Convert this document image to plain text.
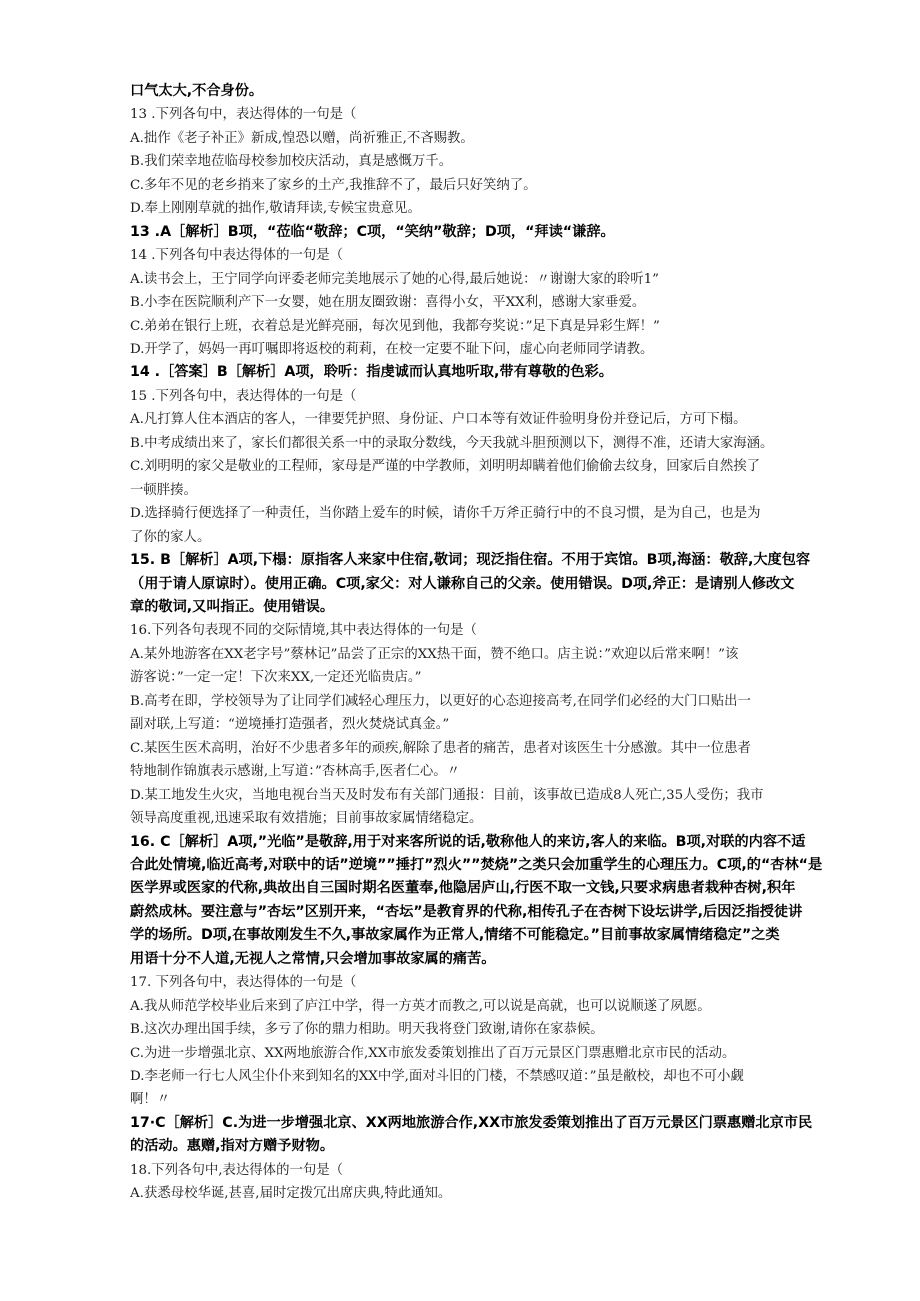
口气太大,不合身份。
13 .下列各句中，表达得体的一句是（
A.拙作《老子补正》新成,惶恐以赠，尚祈雅正,不吝赐教。
B.我们荣幸地莅临母校参加校庆活动，真是感慨万千。
C.多年不见的老乡捎来了家乡的土产,我推辞不了，最后只好笑纳了。
D.奉上刚刚草就的拙作,敬请拜读,专候宝贵意见。
13 .A［解析］B项，“莅临“敬辞；C项，“笑纳”敬辞；D项，“拜读“谦辞。
14 .下列各句中表达得体的一句是（
A.读书会上，王宁同学向评委老师完美地展示了她的心得,最后她说：〃谢谢大家的聆听1”
B.小李在医院顺利产下一女婴，她在朋友圈致谢：喜得小女，平XX利，感谢大家垂爱。
C.弟弟在银行上班，衣着总是光鲜亮丽，每次见到他，我都夸奖说：”足下真是异彩生辉！”
D.开学了，妈妈一再叮嘱即将返校的莉莉，在校一定要不耻下问，虚心向老师同学请教。
14 .［答案］B［解析］A项，聆听：指虔诚而认真地听取,带有尊敬的色彩。
15 .下列各句中，表达得体的一句是（
A.凡打算人住本酒店的客人，一律要凭护照、身份证、户口本等有效证件验明身份并登记后，方可下榻。
B.中考成绩出来了，家长们都很关系一中的录取分数线，今天我就斗胆预测以下，测得不准，还请大家海涵。
C.刘明明的家父是敬业的工程师，家母是严谨的中学教师，刘明明却瞒着他们偷偷去纹身，回家后自然挨了
一顿胖揍。
D.选择骑行便选择了一种责任，当你踏上爱车的时候，请你千万斧正骑行中的不良习惯，是为自己，也是为
了你的家人。
15. B［解析］A项,下榻：原指客人来家中住宿,敬词；现泛指住宿。不用于宾馆。B项,海涵：敬辞,大度包容
（用于请人原谅时）。使用正确。C项,家父：对人谦称自己的父亲。使用错误。D项,斧正：是请别人修改文
章的敬词,又叫指正。使用错误。
16.下列各句表现不同的交际情境,其中表达得体的一句是（
A.某外地游客在XX老字号”蔡林记”品尝了正宗的XX热干面，赞不绝口。店主说：”欢迎以后常来啊！”该
游客说：”一定一定！下次来XX,一定还光临贵店。”
B.高考在即，学校领导为了让同学们减轻心理压力，以更好的心态迎接高考,在同学们必经的大门口贴出一
副对联,上写道：“逆境捶打造强者，烈火焚烧试真金。”
C.某医生医术高明，治好不少患者多年的顽疾,解除了患者的痛苦，患者对该医生十分感激。其中一位患者
特地制作锦旗表示感谢,上写道：”杏林高手,医者仁心。〃
D.某工地发生火灾，当地电视台当天及时发布有关部门通报：目前，该事故已造成8人死亡,35人受伤；我市
领导高度重视,迅速采取有效措施；目前事故家属情绪稳定。
16. C［解析］A项,”光临”是敬辞,用于对来客所说的话,敬称他人的来访,客人的来临。B项,对联的内容不适
合此处情境,临近高考,对联中的话”逆境””捶打”烈火””焚烧”之类只会加重学生的心理压力。C项,的“杏林“是
医学界或医家的代称,典故出自三国时期名医董奉,他隐居庐山,行医不取一文钱,只要求病患者栽种杏树,积年
蔚然成林。要注意与”杏坛”区别开来，“杏坛”是教育界的代称,相传孔子在杏树下设坛讲学,后因泛指授徒讲
学的场所。D项,在事故刚发生不久,事故家属作为正常人,情绪不可能稳定。”目前事故家属情绪稳定”之类
用语十分不人道,无视人之常情,只会增加事故家属的痛苦。
17. 下列各句中，表达得体的一句是（
A.我从师范学校毕业后来到了庐江中学，得一方英才而教之,可以说是高就，也可以说顺遂了夙愿。
B.这次办理出国手续，多亏了你的鼎力相助。明天我将登门致谢,请你在家恭候。
C.为进一步增强北京、XX两地旅游合作,XX市旅发委策划推出了百万元景区门票惠赠北京市民的活动。
D.李老师一行七人风尘仆仆来到知名的XX中学,面对斗旧的门楼，不禁感叹道：”虽是敝校，却也不可小觑
啊！〃
17·C［解析］C.为进一步增强北京、XX两地旅游合作,XX市旅发委策划推出了百万元景区门票惠赠北京市民
的活动。惠赠,指对方赠予财物。
18.下列各句中,表达得体的一句是（
A.获悉母校华诞,甚喜,届时定拨冗出席庆典,特此通知。
